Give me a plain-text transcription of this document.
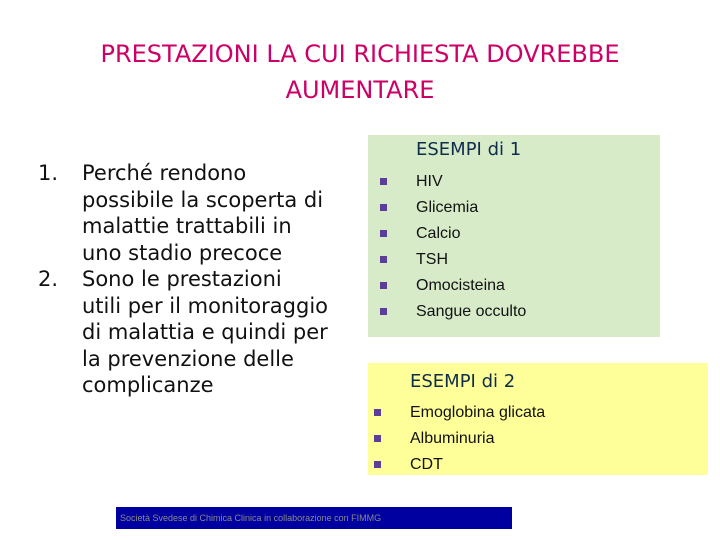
PRESTAZIONI LA CUI RICHIESTA DOVREBBE
AUMENTARE
1. Perché rendono
possibile la scoperta di
malattie trattabili in
uno stadio precoce
2. Sono le prestazioni
utili per il monitoraggio
di malattia e quindi per
la prevenzione delle
complicanze
ESEMPI di 1
HIV
Glicemia
Calcio
TSH
Omocisteina
Sangue occulto
ESEMPI di 2
Emoglobina glicata
Albuminuria
CDT
Società Svedese di Chimica Clinica in collaborazione con FIMMG
